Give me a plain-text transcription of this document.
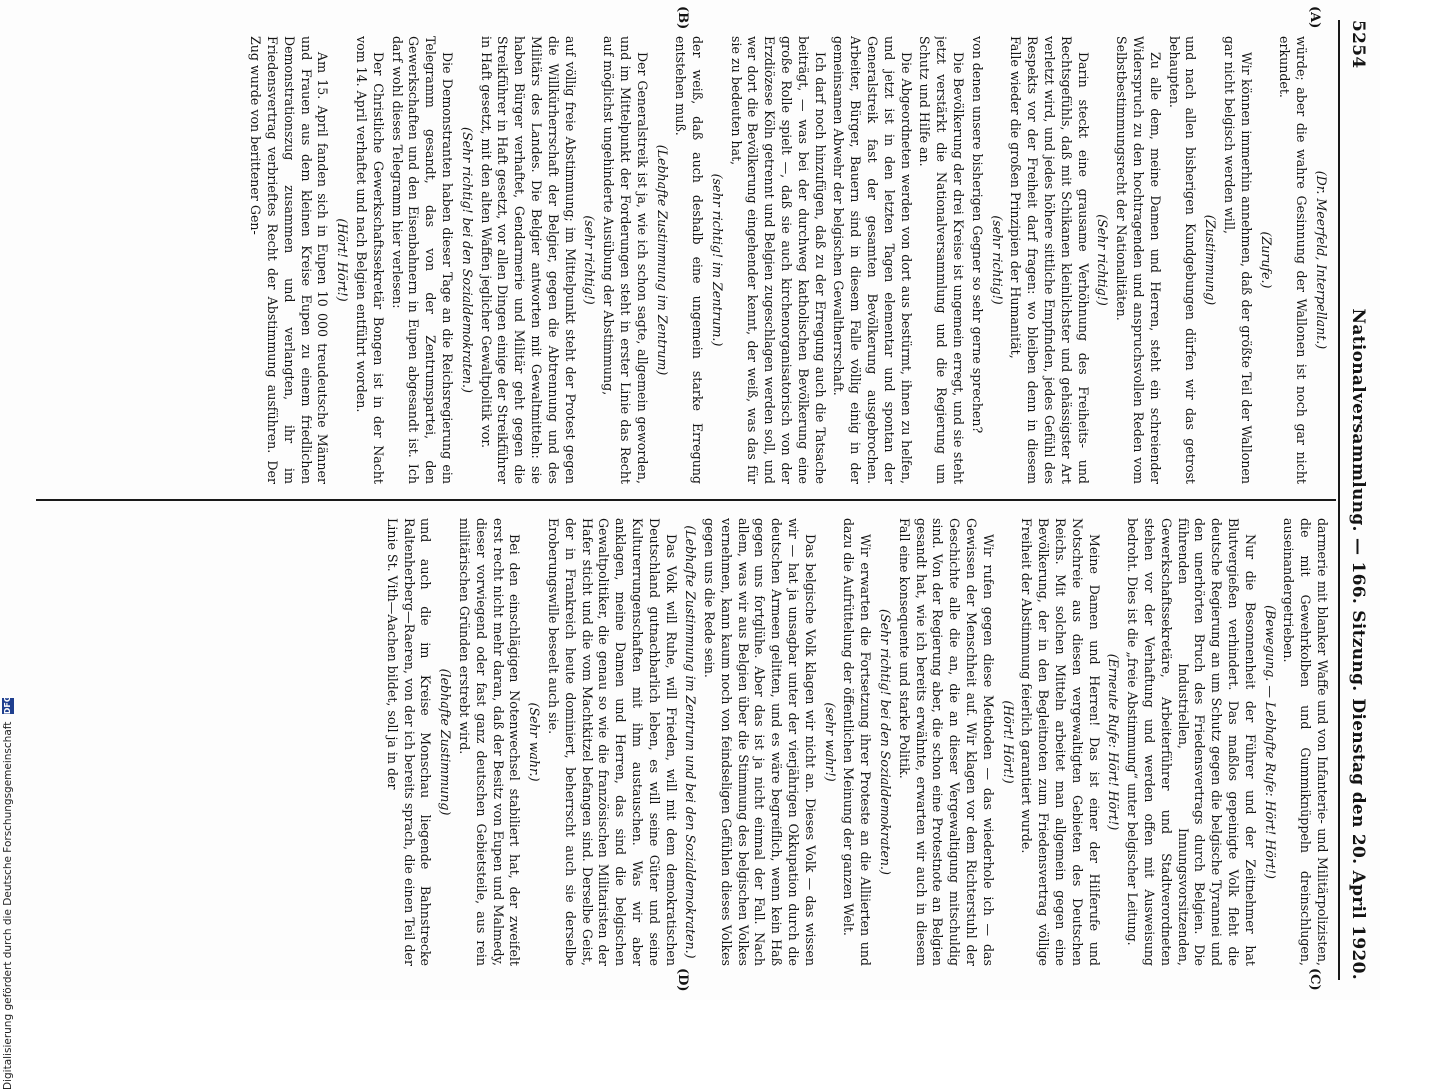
5254
Nationalversammlung. — 166. Sitzung.
Dienstag den 20. April 1920.
(A)
(B)
(C)
(D)

(Dr. Meerfeld, Interpellant.)

würde; aber die wahre Gesinnung der Wallonen ist noch gar nicht erkundet.

(Zurufe.)

Wir können immerhin annehmen, daß der größte Teil der Wallonen gar nicht belgisch werden will,

(Zustimmung)

und nach allen bisherigen Kundgebungen dürfen wir das getrost behaupten.

Zu alle dem, meine Damen und Herren, steht ein schreiender Widerspruch zu den hochtragenden und anspruchsvollen Reden vom Selbstbestimmungsrecht der Nationalitäten.

(Sehr richtig!)

Darin steckt eine grausame Verhöhnung des Freiheits- und Rechtsgefühls, daß mit Schikanen kleinlichster und gehässigster Art verletzt wird, und jedes höhere sittliche Empfinden, jedes Gefühl des Respekts vor der Freiheit darf fragen: wo bleiben denn in diesem Falle wieder die großen Prinzipien der Humanität,

(sehr richtig!)

von denen unsere bisherigen Gegner so sehr gerne sprechen?

Die Bevölkerung der drei Kreise ist ungemein erregt, und sie steht jetzt verstärkt die Nationalversammlung und die Regierung um Schutz und Hilfe an.

Die Abgeordneten werden von dort aus bestürmt, ihnen zu helfen, und jetzt ist in den letzten Tagen elementar und spontan der Generalstreik fast der gesamten Bevölkerung ausgebrochen. Arbeiter, Bürger, Bauern sind in diesem Falle völlig einig in der gemeinsamen Abwehr der belgischen Gewaltherrschaft.

Ich darf noch hinzufügen, daß zu der Erregung auch die Tatsache beiträgt, — was bei der durchweg katholischen Bevölkerung eine große Rolle spielt —, daß sie auch kirchenorganisatorisch von der Erzdiözese Köln getrennt und Belgien zugeschlagen werden soll, und wer dort die Bevölkerung eingehender kennt, der weiß, was das für sie zu bedeuten hat,

(sehr richtig! im Zentrum.)

der weiß, daß auch deshalb eine ungemein starke Erregung entstehen muß.

(Lebhafte Zustimmung im Zentrum)

Der Generalstreik ist ja, wie ich schon sagte, allgemein geworden, und im Mittelpunkt der Forderungen steht in erster Linie das Recht auf möglichst ungehinderte Ausübung der Abstimmung,

(sehr richtig!)

auf völlig freie Abstimmung; im Mittelpunkt steht der Protest gegen die Willkürherrschaft der Belgier, gegen die Abtrennung und des Militärs des Landes. Die Belgier antworten mit Gewaltmitteln: sie haben Bürger verhaftet, Gendarmerie und Militär geht gegen die Streikführer in Haft gesetzt, vor allen Dingen einige der Streikführer in Haft gesetzt, mit den alten Waffen jeglicher Gewaltpolitik vor.

(Sehr richtig! bei den Sozialdemokraten.)

Die Demonstranten haben dieser Tage an die Reichsregierung ein Telegramm gesandt, das von der Zentrumspartei, den Gewerkschaften und den Eisenbahnern in Eupen abgesandt ist. Ich darf wohl dieses Telegramm hier verlesen:

Der Christliche Gewerkschaftssekretär Bongen ist in der Nacht vom 14. April verhaftet und nach Belgien entführt worden.

(Hört! Hört!)

Am 15. April fanden sich in Eupen 10 000 treudeutsche Männer und Frauen aus dem kleinen Kreise Eupen zu einem friedlichen Demonstrationszug zusammen und verlangten, ihr im Friedensvertrag verbrieftes Recht der Abstimmung ausführen. Der Zug wurde von berittener Gen-

darmerie mit blanker Waffe und von Infanterie- und Militärpolizisten, die mit Gewehrkolben und Gummiknüppeln dreinschlugen, auseinandergetrieben.

(Bewegung. — Lebhafte Rufe: Hört! Hört!)

Nur die Besonnenheit der Führer und der Zeitnehmer hat Blutvergießen verhindert. Das maßlos gepeinigte Volk fleht die deutsche Regierung an um Schutz gegen die belgische Tyrannei und den unerhörten Bruch des Friedensvertrags durch Belgien. Die führenden Industriellen, Innungsvorsitzenden, Gewerkschaftssekretäre, Arbeiterführer und Stadtverordneten stehen vor der Verhaftung und werden offen mit Ausweisung bedroht. Dies ist die „freie Abstimmung“ unter belgischer Leitung.

(Erneute Rufe: Hört! Hört!)

Meine Damen und Herren! Das ist einer der Hilferufe und Notschreie aus diesen vergewaltigten Gebieten des Deutschen Reichs. Mit solchen Mitteln arbeitet man allgemein gegen eine Bevölkerung, der in den Begleitnoten zum Friedensvertrag völlige Freiheit der Abstimmung feierlich garantiert wurde.

(Hört! Hört!)

Wir rufen gegen diese Methoden — das wiederhole ich — das Gewissen der Menschheit auf. Wir klagen vor dem Richterstuhl der Geschichte alle die an, die an dieser Vergewaltigung mitschuldig sind. Von der Regierung aber, die schon eine Protestnote an Belgien gesandt hat, wie ich bereits erwähnte, erwarten wir auch in diesem Fall eine konsequente und starke Politik.

(Sehr richtig! bei den Sozialdemokraten.)

Wir erwarten die Fortsetzung ihrer Proteste an die Alliierten und dazu die Aufrüttelung der öffentlichen Meinung der ganzen Welt.

(sehr wahr!)

Das belgische Volk klagen wir nicht an. Dieses Volk — das wissen wir — hat ja unsagbar unter der vierjährigen Okkupation durch die deutschen Armeen gelitten, und es wäre begreiflich, wenn kein Haß gegen uns fortglühe. Aber das ist ja nicht einmal der Fall. Nach allem, was wir aus Belgien über die Stimmung des belgischen Volkes vernehmen, kann kaum noch von feindseligen Gefühlen dieses Volkes gegen uns die Rede sein.

(Lebhafte Zustimmung im Zentrum und bei den Sozialdemokraten.)

Das Volk will Ruhe, will Frieden, will mit dem demokratischen Deutschland gutnachbarlich leben, es will seine Güter und seine Kulturerrungenschaften mit ihm austauschen. Was wir aber anklagen, meine Damen und Herren, das sind die belgischen Gewaltpolitiker, die genau so wie die französischen Militaristen der Hafer sticht und die vom Machtkitzel befangen sind. Derselbe Geist, der in Frankreich heute dominiert, beherrscht auch sie derselbe Eroberungswille beseelt auch sie.

(Sehr wahr.)

Bei den einschlägigen Notenwechsel stabiliert hat, der zweifelt erst recht nicht mehr daran, daß der Besitz von Eupen und Malmedy, dieser vorwiegend oder fast ganz deutschen Gebietsteile, aus rein militärischen Gründen erstrebt wird.

(lebhafte Zustimmung)

und auch die im Kreise Monschau liegende Bahnstrecke Raltenherberg—Raeren, von der ich bereits sprach, die einen Teil der Linie St. Vith—Aachen bildet, soll ja in der

Digitalisierung gefördert durch die Deutsche Forschungsgemeinschaft DFG
